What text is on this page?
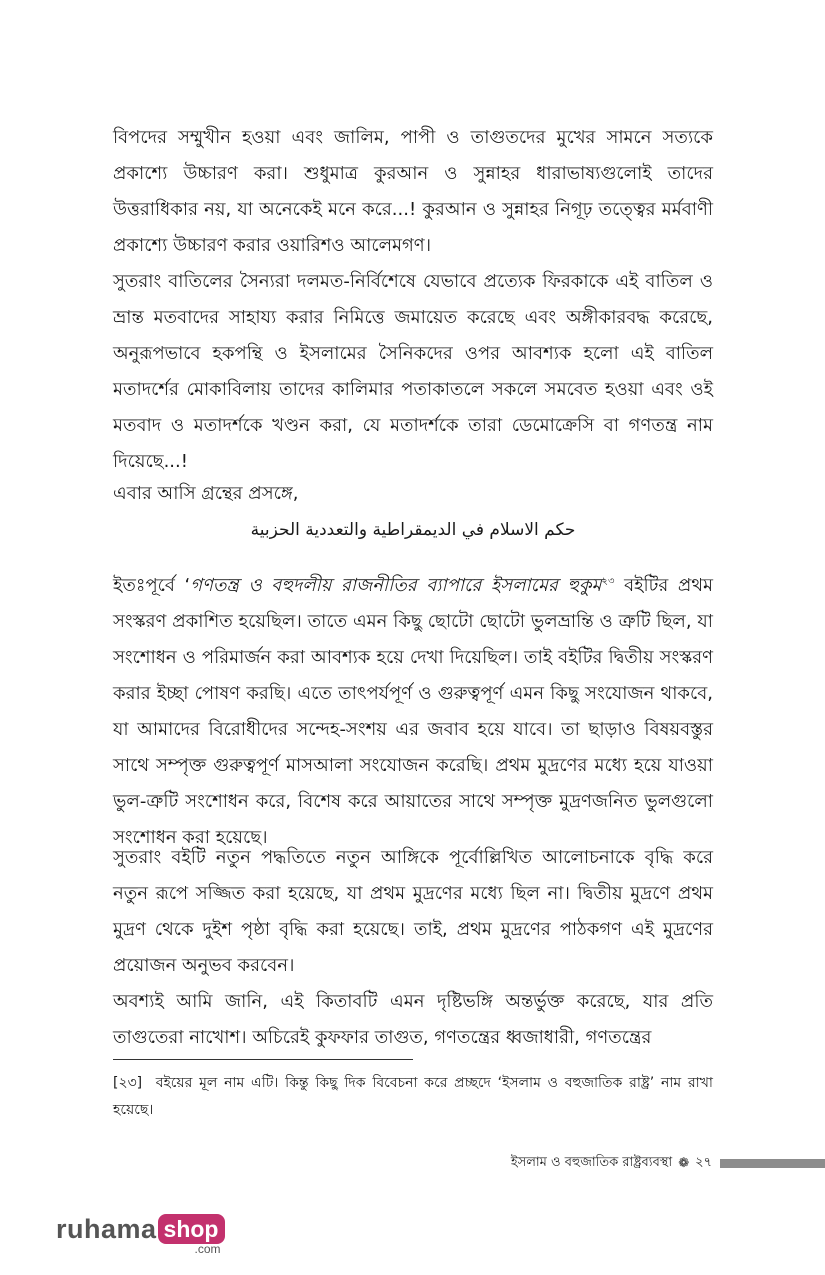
বিপদের সম্মুখীন হওয়া এবং জালিম, পাপী ও তাগুতদের মুখের সামনে সত্যকে প্রকাশ্যে উচ্চারণ করা। শুধুমাত্র কুরআন ও সুন্নাহর ধারাভাষ্যগুলোই তাদের উত্তরাধিকার নয়, যা অনেকেই মনে করে...! কুরআন ও সুন্নাহর নিগূঢ় তত্ত্বের মর্মবাণী প্রকাশ্যে উচ্চারণ করার ওয়ারিশও আলেমগণ।

সুতরাং বাতিলের সৈন্যরা দলমত-নির্বিশেষে যেভাবে প্রত্যেক ফিরকাকে এই বাতিল ও ভ্রান্ত মতবাদের সাহায্য করার নিমিত্তে জমায়েত করেছে এবং অঙ্গীকারবদ্ধ করেছে, অনুরূপভাবে হকপন্থি ও ইসলামের সৈনিকদের ওপর আবশ্যক হলো এই বাতিল মতাদর্শের মোকাবিলায় তাদের কালিমার পতাকাতলে সকলে সমবেত হওয়া এবং ওই মতবাদ ও মতাদর্শকে খণ্ডন করা, যে মতাদর্শকে তারা ডেমোক্রেসি বা গণতন্ত্র নাম দিয়েছে...!

এবার আসি গ্রন্থের প্রসঙ্গে,

حكم الاسلام في الديمقراطية والتعددية الحزبية

ইতঃপূর্বে ‘গণতন্ত্র ও বহুদলীয় রাজনীতির ব্যাপারে ইসলামের হুকুম$^{২৩}$ বইটির প্রথম সংস্করণ প্রকাশিত হয়েছিল। তাতে এমন কিছু ছোটো ছোটো ভুলভ্রান্তি ও ত্রুটি ছিল, যা সংশোধন ও পরিমার্জন করা আবশ্যক হয়ে দেখা দিয়েছিল। তাই বইটির দ্বিতীয় সংস্করণ করার ইচ্ছা পোষণ করছি। এতে তাৎপর্যপূর্ণ ও গুরুত্বপূর্ণ এমন কিছু সংযোজন থাকবে, যা আমাদের বিরোধীদের সন্দেহ-সংশয় এর জবাব হয়ে যাবে। তা ছাড়াও বিষয়বস্তুর সাথে সম্পৃক্ত গুরুত্বপূর্ণ মাসআলা সংযোজন করেছি। প্রথম মুদ্রণের মধ্যে হয়ে যাওয়া ভুল-ত্রুটি সংশোধন করে, বিশেষ করে আয়াতের সাথে সম্পৃক্ত মুদ্রণজনিত ভুলগুলো সংশোধন করা হয়েছে।

সুতরাং বইটি নতুন পদ্ধতিতে নতুন আঙ্গিকে পূর্বোল্লিখিত আলোচনাকে বৃদ্ধি করে নতুন রূপে সজ্জিত করা হয়েছে, যা প্রথম মুদ্রণের মধ্যে ছিল না। দ্বিতীয় মুদ্রণে প্রথম মুদ্রণ থেকে দুইশ পৃষ্ঠা বৃদ্ধি করা হয়েছে। তাই, প্রথম মুদ্রণের পাঠকগণ এই মুদ্রণের প্রয়োজন অনুভব করবেন।

অবশ্যই আমি জানি, এই কিতাবটি এমন দৃষ্টিভঙ্গি অন্তর্ভুক্ত করেছে, যার প্রতি তাগুতেরা নাখোশ। অচিরেই কুফফার তাগুত, গণতন্ত্রের ধ্বজাধারী, গণতন্ত্রের

[২৩] বইয়ের মূল নাম এটি। কিন্তু কিছু দিক বিবেচনা করে প্রচ্ছদে ‘ইসলাম ও বহুজাতিক রাষ্ট্র’ নাম রাখা হয়েছে।
ইসলাম ও বহুজাতিক রাষ্ট্রব্যবস্থা ❁ ২৭
ruhama shop
.com
